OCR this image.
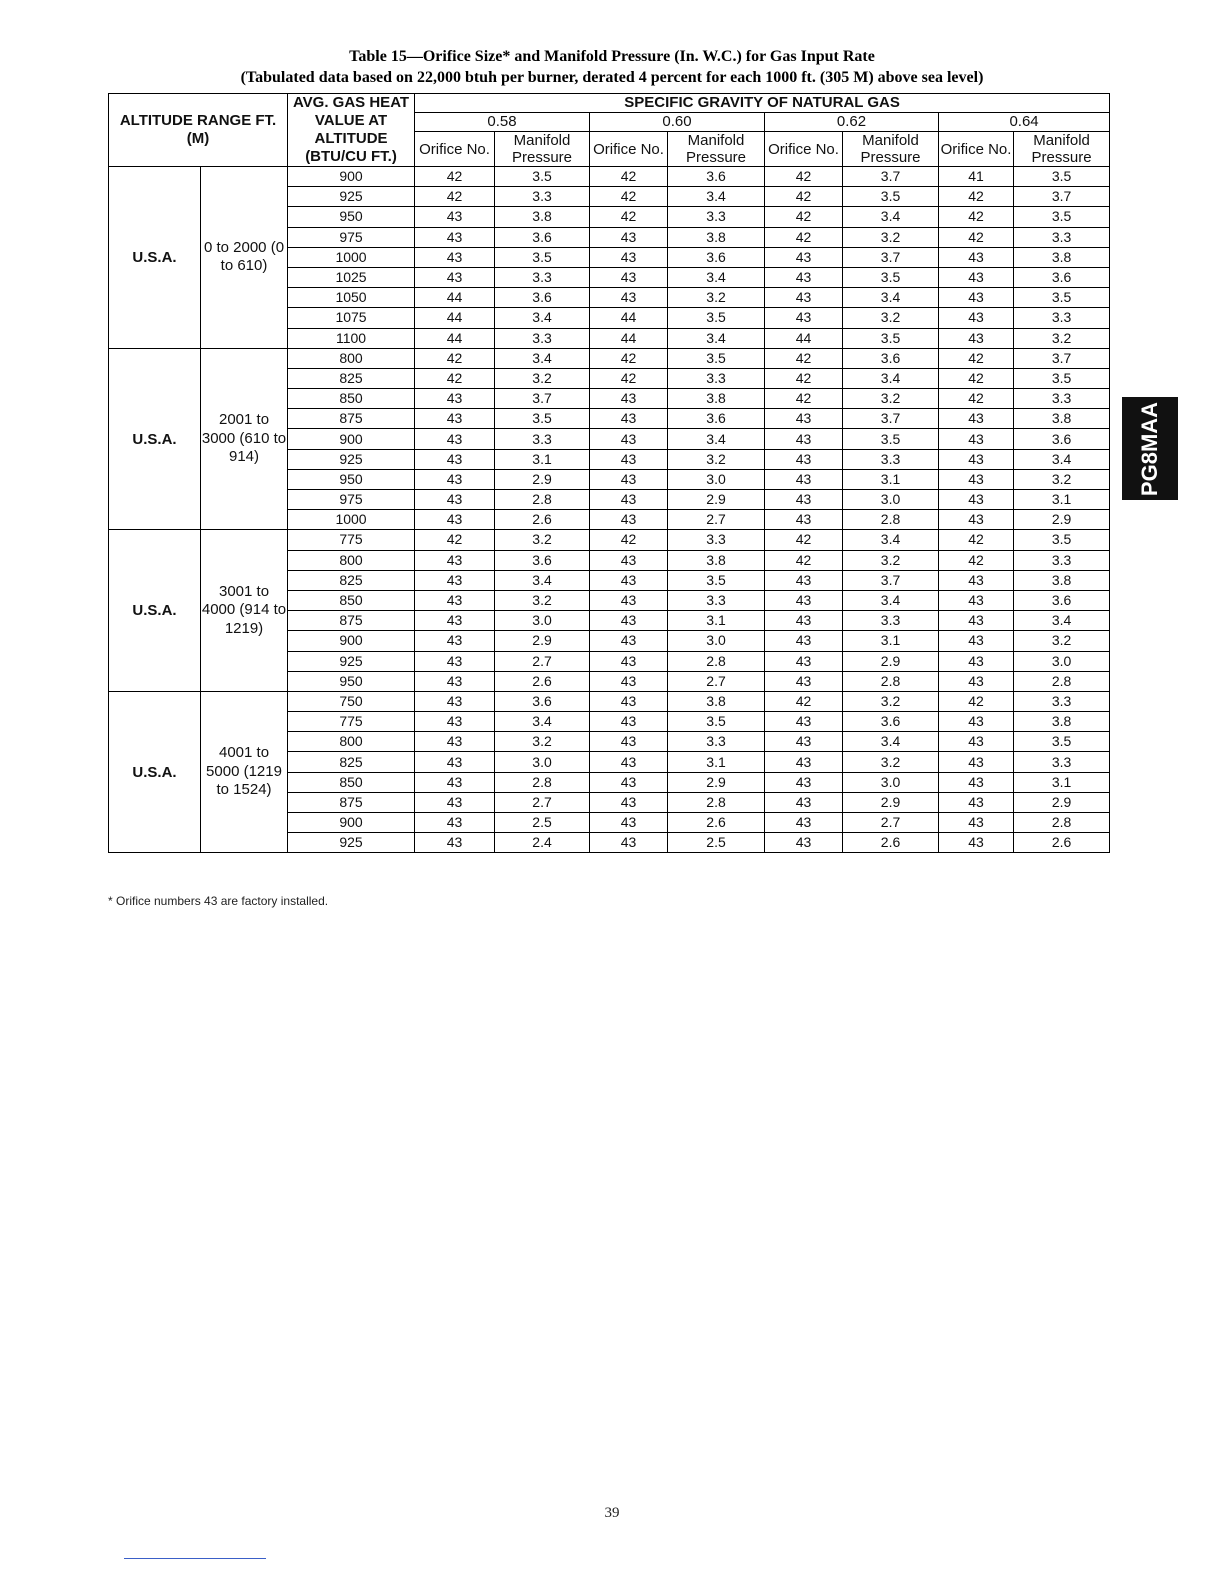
Table 15—Orifice Size* and Manifold Pressure (In. W.C.) for Gas Input Rate
(Tabulated data based on 22,000 btuh per burner, derated 4 percent for each 1000 ft. (305 M) above sea level)
ALTITUDE RANGE FT. (M)		AVG. GAS HEAT VALUE AT ALTITUDE (BTU/CU FT.)	SPECIFIC GRAVITY OF NATURAL GAS							
			0.58		0.60		0.62		0.64	
			Orifice No.	Manifold Pressure	Orifice No.	Manifold Pressure	Orifice No.	Manifold Pressure	Orifice No.	Manifold Pressure
U.S.A.	0 to 2000 (0 to 610)	900	42	3.5	42	3.6	42	3.7	41	3.5
		925	42	3.3	42	3.4	42	3.5	42	3.7
		950	43	3.8	42	3.3	42	3.4	42	3.5
		975	43	3.6	43	3.8	42	3.2	42	3.3
		1000	43	3.5	43	3.6	43	3.7	43	3.8
		1025	43	3.3	43	3.4	43	3.5	43	3.6
		1050	44	3.6	43	3.2	43	3.4	43	3.5
		1075	44	3.4	44	3.5	43	3.2	43	3.3
		1100	44	3.3	44	3.4	44	3.5	43	3.2
U.S.A.	2001 to 3000 (610 to 914)	800	42	3.4	42	3.5	42	3.6	42	3.7
		825	42	3.2	42	3.3	42	3.4	42	3.5
		850	43	3.7	43	3.8	42	3.2	42	3.3
		875	43	3.5	43	3.6	43	3.7	43	3.8
		900	43	3.3	43	3.4	43	3.5	43	3.6
		925	43	3.1	43	3.2	43	3.3	43	3.4
		950	43	2.9	43	3.0	43	3.1	43	3.2
		975	43	2.8	43	2.9	43	3.0	43	3.1
		1000	43	2.6	43	2.7	43	2.8	43	2.9
U.S.A.	3001 to 4000 (914 to 1219)	775	42	3.2	42	3.3	42	3.4	42	3.5
		800	43	3.6	43	3.8	42	3.2	42	3.3
		825	43	3.4	43	3.5	43	3.7	43	3.8
		850	43	3.2	43	3.3	43	3.4	43	3.6
		875	43	3.0	43	3.1	43	3.3	43	3.4
		900	43	2.9	43	3.0	43	3.1	43	3.2
		925	43	2.7	43	2.8	43	2.9	43	3.0
		950	43	2.6	43	2.7	43	2.8	43	2.8
U.S.A.	4001 to 5000 (1219 to 1524)	750	43	3.6	43	3.8	42	3.2	42	3.3
		775	43	3.4	43	3.5	43	3.6	43	3.8
		800	43	3.2	43	3.3	43	3.4	43	3.5
		825	43	3.0	43	3.1	43	3.2	43	3.3
		850	43	2.8	43	2.9	43	3.0	43	3.1
		875	43	2.7	43	2.8	43	2.9	43	2.9
		900	43	2.5	43	2.6	43	2.7	43	2.8
		925	43	2.4	43	2.5	43	2.6	43	2.6
* Orifice numbers 43 are factory installed.
PG8MAA
39
